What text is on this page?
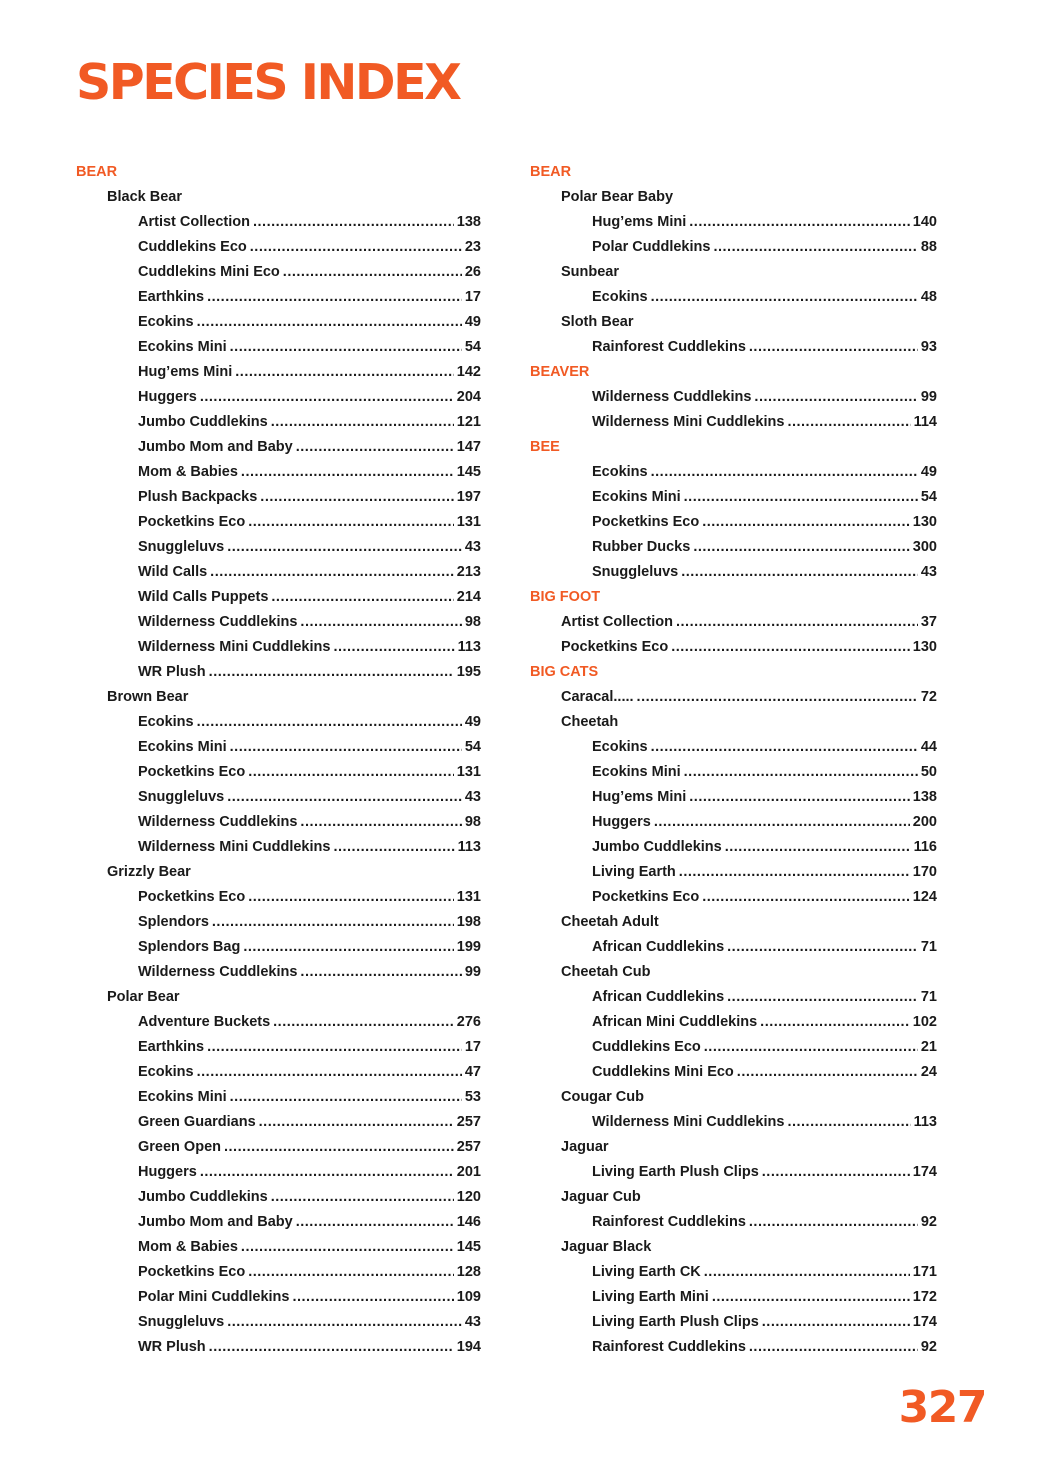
SPECIES INDEX
BEAR
Black Bear
Artist Collection .....	138
Cuddlekins Eco .....	23
Cuddlekins Mini Eco .....	26
Earthkins .....	17
Ecokins .....	49
Ecokins Mini .....	54
Hug’ems Mini .....	142
Huggers .....	204
Jumbo Cuddlekins .....	121
Jumbo Mom and Baby .....	147
Mom & Babies .....	145
Plush Backpacks .....	197
Pocketkins Eco .....	131
Snuggleluvs .....	43
Wild Calls .....	213
Wild Calls Puppets .....	214
Wilderness Cuddlekins .....	98
Wilderness Mini Cuddlekins .....	113
WR Plush .....	195
Brown Bear
Ecokins .....	49
Ecokins Mini .....	54
Pocketkins Eco .....	131
Snuggleluvs .....	43
Wilderness Cuddlekins .....	98
Wilderness Mini Cuddlekins .....	113
Grizzly Bear
Pocketkins Eco .....	131
Splendors .....	198
Splendors Bag .....	199
Wilderness Cuddlekins .....	99
Polar Bear
Adventure Buckets .....	276
Earthkins .....	17
Ecokins .....	47
Ecokins Mini .....	53
Green Guardians .....	257
Green Open .....	257
Huggers .....	201
Jumbo Cuddlekins .....	120
Jumbo Mom and Baby .....	146
Mom & Babies .....	145
Pocketkins Eco .....	128
Polar Mini Cuddlekins .....	109
Snuggleluvs .....	43
WR Plush .....	194
BEAR
Polar Bear Baby
Hug’ems Mini .....	140
Polar Cuddlekins .....	88
Sunbear
Ecokins .....	48
Sloth Bear
Rainforest Cuddlekins .....	93
BEAVER
Wilderness Cuddlekins .....	99
Wilderness Mini Cuddlekins .....	114
BEE
Ecokins .....	49
Ecokins Mini .....	54
Pocketkins Eco .....	130
Rubber Ducks .....	300
Snuggleluvs .....	43
BIG FOOT
Artist Collection .....	37
Pocketkins Eco .....	130
BIG CATS
Caracal..... .....	72
Cheetah
Ecokins .....	44
Ecokins Mini .....	50
Hug’ems Mini .....	138
Huggers .....	200
Jumbo Cuddlekins .....	116
Living Earth .....	170
Pocketkins Eco .....	124
Cheetah Adult
African Cuddlekins .....	71
Cheetah Cub
African Cuddlekins .....	71
African Mini Cuddlekins .....	102
Cuddlekins Eco .....	21
Cuddlekins Mini Eco .....	24
Cougar Cub
Wilderness Mini Cuddlekins .....	113
Jaguar
Living Earth Plush Clips .....	174
Jaguar Cub
Rainforest Cuddlekins .....	92
Jaguar Black
Living Earth CK .....	171
Living Earth Mini .....	172
Living Earth Plush Clips .....	174
Rainforest Cuddlekins .....	92
327
